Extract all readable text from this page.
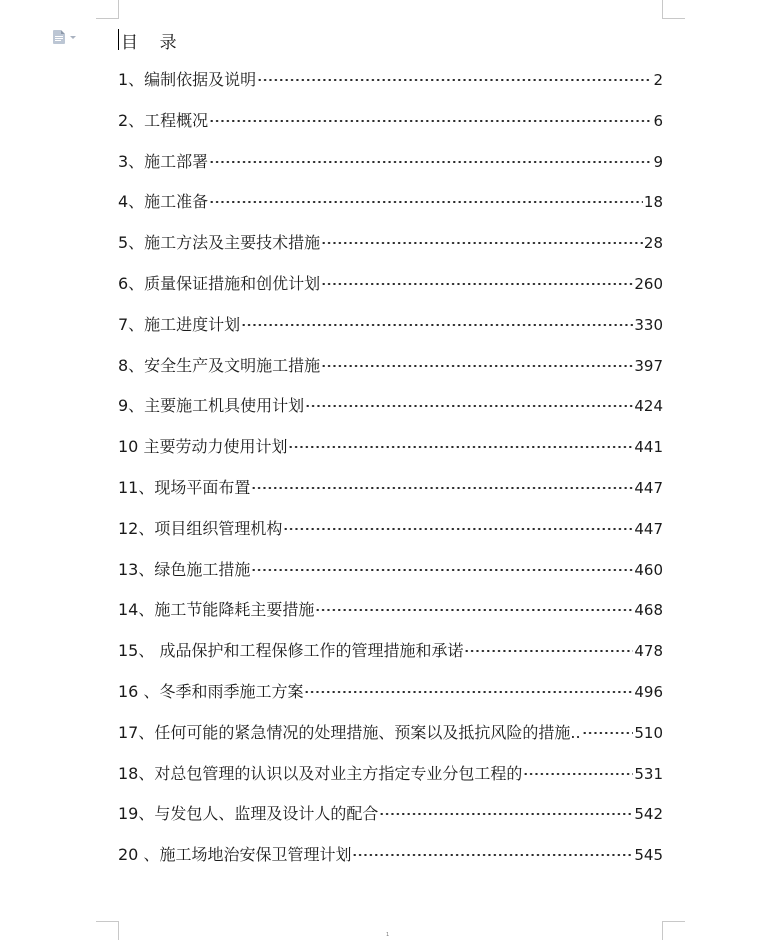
目    录
1、编制依据及说明	2
2、工程概况	6
3、施工部署	9
4、施工准备	18
5、施工方法及主要技术措施	28
6、质量保证措施和创优计划	260
7、施工进度计划	330
8、安全生产及文明施工措施	397
9、主要施工机具使用计划	424
10 主要劳动力使用计划	441
11、现场平面布置	447
12、项目组织管理机构	447
13、绿色施工措施	460
14、施工节能降耗主要措施	468
15、 成品保护和工程保修工作的管理措施和承诺	478
16 、冬季和雨季施工方案	496
17、任何可能的紧急情况的处理措施、预案以及抵抗风险的措施..	510
18、对总包管理的认识以及对业主方指定专业分包工程的	531
19、与发包人、监理及设计人的配合	542
20 、施工场地治安保卫管理计划	545
1
